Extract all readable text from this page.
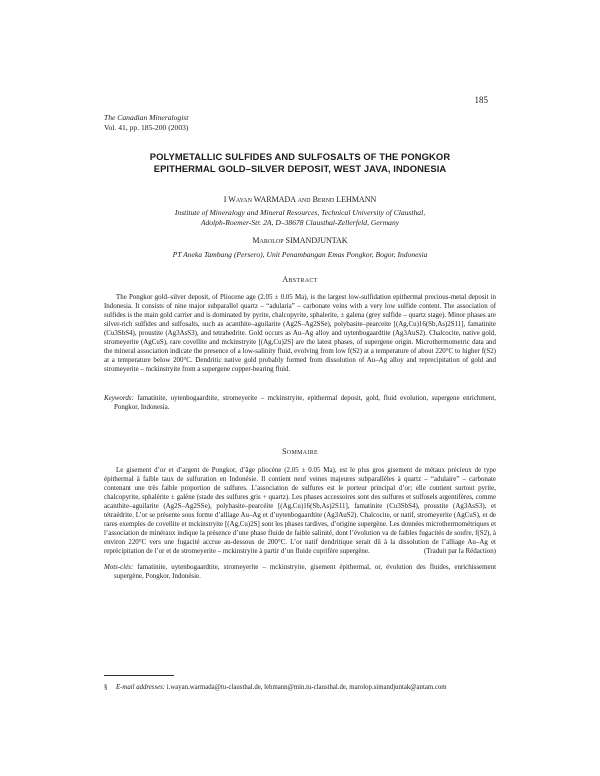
185
The Canadian Mineralogist
Vol. 41, pp. 185-200 (2003)
POLYMETALLIC SULFIDES AND SULFOSALTS OF THE PONGKOR
EPITHERMAL GOLD–SILVER DEPOSIT, WEST JAVA, INDONESIA
I Wayan WARMADA and Bernd LEHMANN
Institute of Mineralogy and Mineral Resources, Technical University of Clausthal,
Adolph-Roemer-Str. 2A, D–38678 Clausthal-Zellerfeld, Germany
Marolop SIMANDJUNTAK
PT Aneka Tambang (Persero), Unit Penambangan Emas Pongkor, Bogor, Indonesia
Abstract
The Pongkor gold–silver deposit, of Pliocene age (2.05 ± 0.05 Ma), is the largest low-sulfidation epithermal precious-metal deposit in Indonesia. It consists of nine major subparallel quartz – “adularia” – carbonate veins with a very low sulfide content. The association of sulfides is the main gold carrier and is dominated by pyrite, chalcopyrite, sphalerite, ± galena (grey sulfide – quartz stage). Minor phases are silver-rich sulfides and sulfosalts, such as acanthite–aguilarite (Ag2S–Ag2SSe), polybasite–pearceite [(Ag,Cu)16(Sb,As)2S11], famatinite (Cu3SbS4), proustite (Ag3AsS3), and tetrahedrite. Gold occurs as Au–Ag alloy and uytenbogaardtite (Ag3AuS2). Chalcocite, native gold, stromeyerite (AgCuS), rare covellite and mckinstryite [(Ag,Cu)2S] are the latest phases, of supergene origin. Microthermometric data and the mineral association indicate the presence of a low-salinity fluid, evolving from low f(S2) at a temperature of about 220°C to higher f(S2) at a temperature below 200°C. Dendritic native gold probably formed from dissolution of Au–Ag alloy and reprecipitation of gold and stromeyerite – mckinstryite from a supergene copper-bearing fluid.
Keywords: famatinite, uytenbogaardtite, stromeyerite – mckinstryite, epithermal deposit, gold, fluid evolution, supergene enrichment, Pongkor, Indonesia.
Sommaire
Le gisement d’or et d’argent de Pongkor, d’âge pliocène (2.05 ± 0.05 Ma), est le plus gros gisement de métaux précieux de type épithermal à faible taux de sulfuration en Indonésie. Il contient neuf veines majeures subparallèles à quartz – “adulaire” – carbonate contenant une très faible proportion de sulfures. L’association de sulfures est le porteur principal d’or; elle contient surtout pyrite, chalcopyrite, sphalérite ± galène (stade des sulfures gris + quartz). Les phases accessoires sont des sulfures et sulfosels argentifères, comme acanthite–aguilarite (Ag2S–Ag2SSe), polybasite–pearcéite [(Ag,Cu)16(Sb,As)2S11], famatinite (Cu3SbS4), proustite (Ag3AsS3), et tétraédrite. L’or se présente sous forme d’alliage Au–Ag et d’uytenbogaardtite (Ag3AuS2). Chalcocite, or natif, stromeyerite (AgCuS), et de rares exemples de covellite et mckinstryite [(Ag,Cu)2S] sont les phases tardives, d’origine supergène. Les données microthermométriques et l’association de minéraux indique la présence d’une phase fluide de faible salinité, dont l’évolution va de faibles fugacités de soufre, f(S2), à environ 220°C vers une fugacité accrue au-dessous de 200°C. L’or natif dendritique serait dû à la dissolution de l’alliage Au–Ag et reprécipitation de l’or et de stromeyerite – mckinstryite à partir d’un fluide cuprifère supergène.	(Traduit par la Rédaction)
Mots-clés: famatinite, uytenbogaardtite, stromeyerite – mckinstryite, gisement épithermal, or, évolution des fluides, enrichissement supergène, Pongkor, Indonésie.
§ E-mail addresses: i.wayan.warmada@tu-clausthal.de, lehmann@min.tu-clausthal.de, marolop.simandjuntak@antam.com
